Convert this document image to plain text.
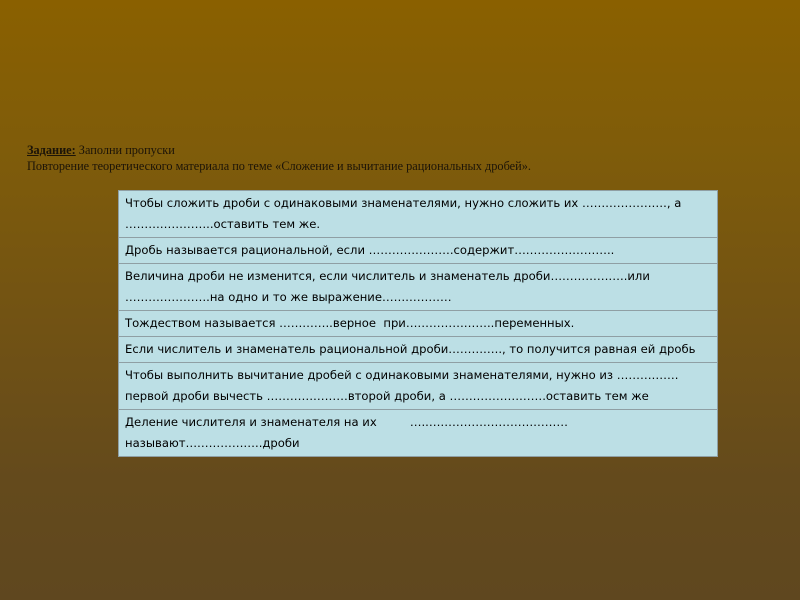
Задание: Заполни пропуски
Повторение теоретического материала по теме «Сложение и вычитание рациональных дробей».
Чтобы сложить дроби с одинаковыми знаменателями, нужно сложить их …………………., а …………………..оставить тем же.
Дробь называется рациональной, если ………………….содержит……………………..
Величина дроби не изменится, если числитель и знаменатель дроби………………..или ………………….на одно и то же выражение………………
Тождеством называется …………..верное  при…………………..переменных.
Если числитель и знаменатель рациональной дроби………….., то получится равная ей дробь
Чтобы выполнить вычитание дробей с одинаковыми знаменателями, нужно из ……………. первой дроби вычесть …………………второй дроби, а …………………….оставить тем же
Деление числителя и знаменателя на их         …..……………………………… называют………………..дроби
